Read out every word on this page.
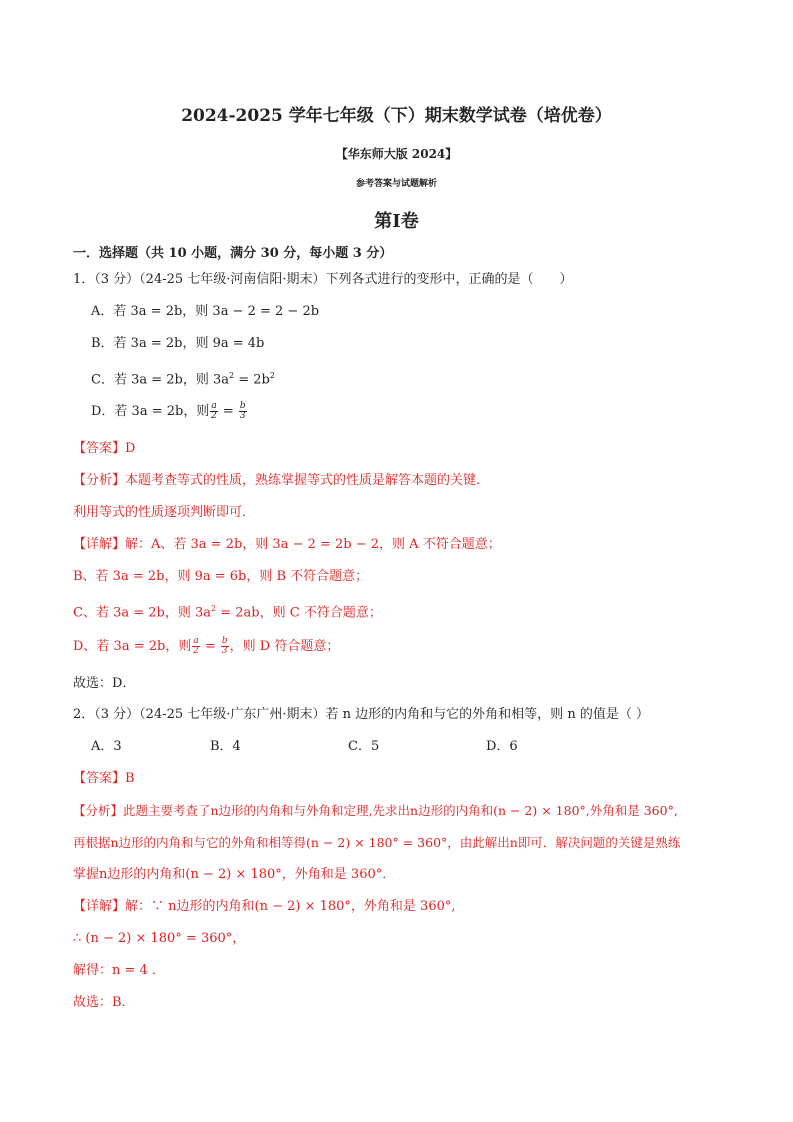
2024-2025 学年七年级（下）期末数学试卷（培优卷）
【华东师大版 2024】
参考答案与试题解析
第I卷
一．选择题（共 10 小题，满分 30 分，每小题 3 分）
1．（3 分）（24-25 七年级·河南信阳·期末）下列各式进行的变形中，正确的是（　　）
A．若 3a = 2b，则 3a − 2 = 2 − 2b
B．若 3a = 2b，则 9a = 4b
C．若 3a = 2b，则 $3a^2 = 2b^2$
D．若 3a = 2b，则 $\frac{a}{2} = \frac{b}{3}$
【答案】D
【分析】本题考查等式的性质，熟练掌握等式的性质是解答本题的关键．
利用等式的性质逐项判断即可．
【详解】解：A、若 3a = 2b，则 3a − 2 = 2b − 2，则 A 不符合题意；
B、若 3a = 2b，则 9a = 6b，则 B 不符合题意；
C、若 3a = 2b，则 $3a^2 = 2ab$，则 C 不符合题意；
D、若 3a = 2b，则 $\frac{a}{2} = \frac{b}{3}$ ，则 D 符合题意；
故选：D．
2．（3 分）（24-25 七年级·广东广州·期末）若 n 边形的内角和与它的外角和相等，则 n 的值是（ ）
A．3	B．4	C．5	D．6
【答案】B
【分析】此题主要考查了n边形的内角和与外角和定理,先求出n边形的内角和(n − 2) × 180°,外角和是 360°,
再根据n边形的内角和与它的外角和相等得(n − 2) × 180° = 360°，由此解出n即可．解决问题的关键是熟练
掌握n边形的内角和(n − 2) × 180°，外角和是 360°．
【详解】解：∵ n边形的内角和(n − 2) × 180°，外角和是 360°,
∴ (n − 2) × 180° = 360°，
解得：n = 4 ．
故选：B．
